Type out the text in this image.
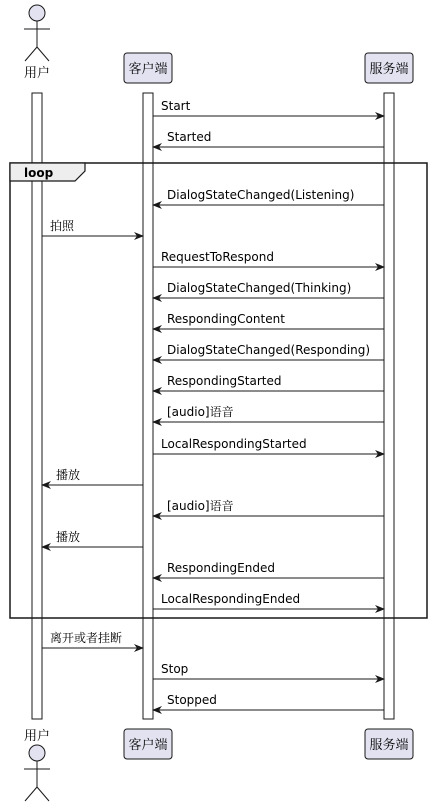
loop
Start
Started
DialogStateChanged(Listening)
拍照
RequestToRespond
DialogStateChanged(Thinking)
RespondingContent
DialogStateChanged(Responding)
RespondingStarted
[audio]语音
LocalRespondingStarted
播放
[audio]语音
播放
RespondingEnded
LocalRespondingEnded
离开或者挂断
Stop
Stopped
用户
用户
客户端
客户端
服务端
服务端
